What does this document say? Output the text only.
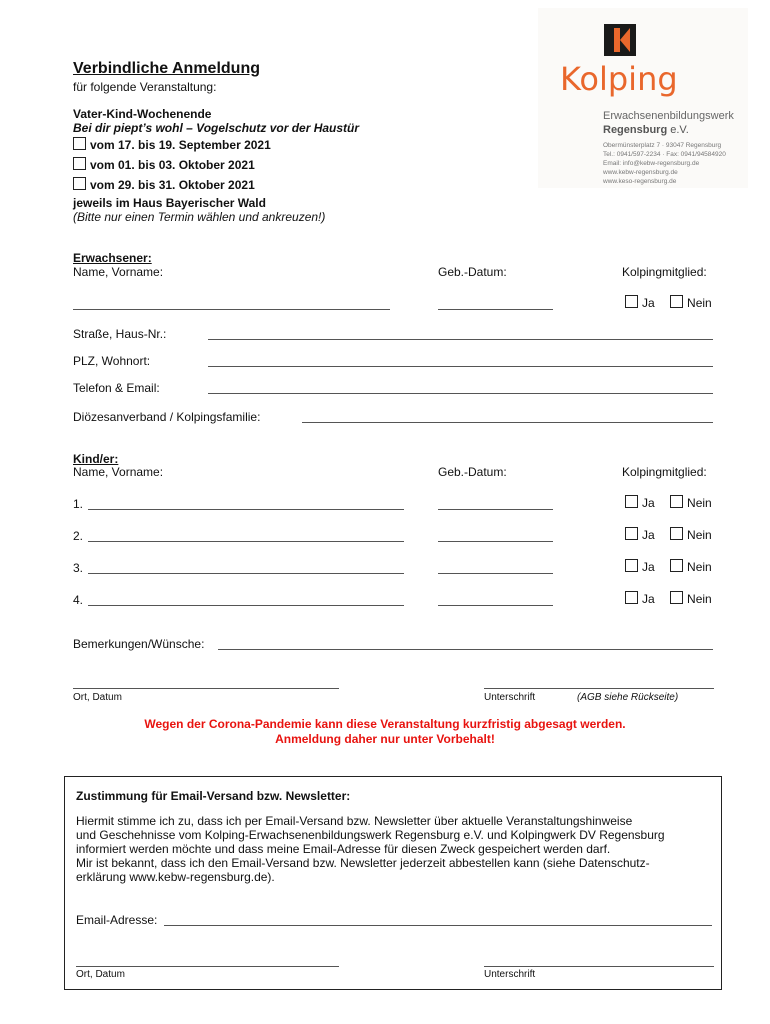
Kolping
Erwachsenenbildungswerk
Regensburg e.V.
Obermünsterplatz 7 · 93047 Regensburg
Tel.: 0941/597-2234 · Fax: 0941/94584920
Email: info@kebw-regensburg.de
www.kebw-regensburg.de
www.keso-regensburg.de
Verbindliche Anmeldung
für folgende Veranstaltung:
Vater-Kind-Wochenende
Bei dir piept’s wohl – Vogelschutz vor der Haustür
vom 17. bis 19. September 2021
vom 01. bis 03. Oktober 2021
vom 29. bis 31. Oktober 2021
jeweils im Haus Bayerischer Wald
(Bitte nur einen Termin wählen und ankreuzen!)
Erwachsener:
Name, Vorname:	Geb.-Datum:	Kolpingmitglied:
Ja	Nein
Straße, Haus-Nr.:
PLZ, Wohnort:
Telefon & Email:
Diözesanverband / Kolpingsfamilie:
Kind/er:
Name, Vorname:	Geb.-Datum:	Kolpingmitglied:
1.	Ja	Nein
2.	Ja	Nein
3.	Ja	Nein
4.	Ja	Nein
Bemerkungen/Wünsche:
Ort, Datum	Unterschrift	(AGB siehe Rückseite)
Wegen der Corona-Pandemie kann diese Veranstaltung kurzfristig abgesagt werden.
Anmeldung daher nur unter Vorbehalt!
Zustimmung für Email-Versand bzw. Newsletter:
Hiermit stimme ich zu, dass ich per Email-Versand bzw. Newsletter über aktuelle Veranstaltungshinweise
und Geschehnisse vom Kolping-Erwachsenenbildungswerk Regensburg e.V. und Kolpingwerk DV Regensburg
informiert werden möchte und dass meine Email-Adresse für diesen Zweck gespeichert werden darf.
Mir ist bekannt, dass ich den Email-Versand bzw. Newsletter jederzeit abbestellen kann (siehe Datenschutz-
erklärung www.kebw-regensburg.de).
Email-Adresse:
Ort, Datum	Unterschrift
